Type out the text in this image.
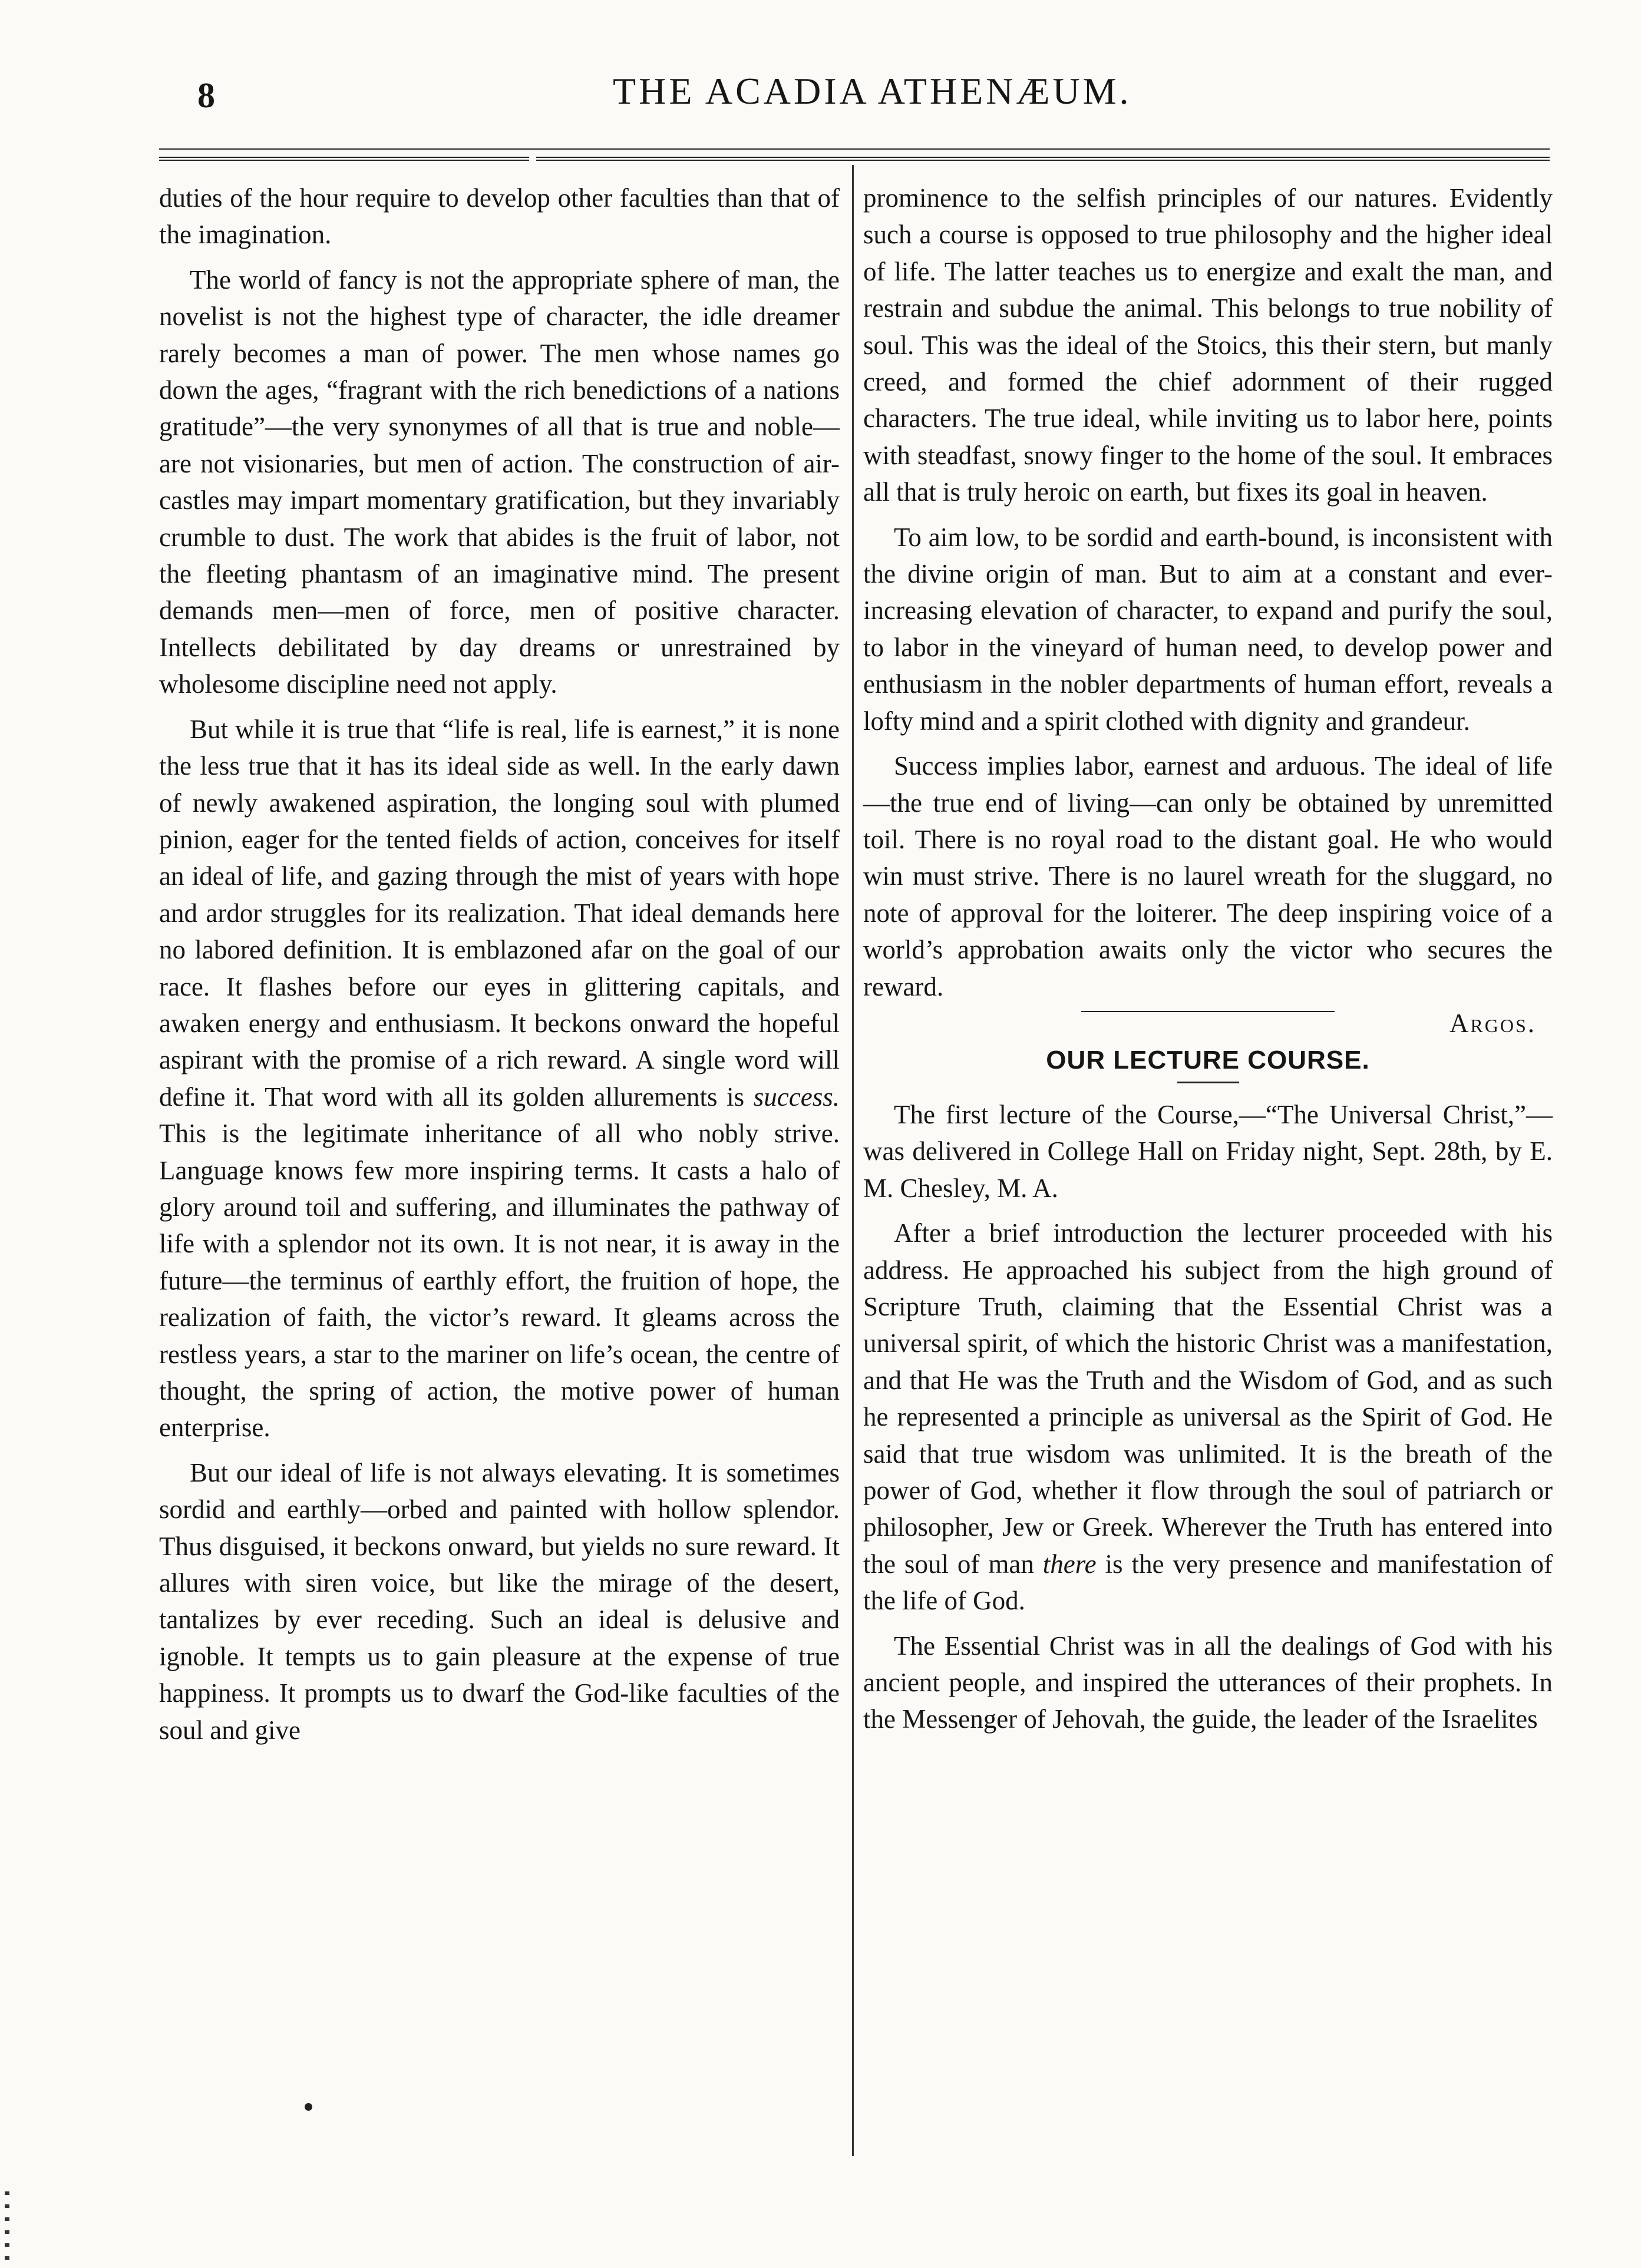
8	THE ACADIA ATHENÆUM.

duties of the hour require to develop other faculties than that of the imagination.

The world of fancy is not the appropriate sphere of man, the novelist is not the highest type of character, the idle dreamer rarely becomes a man of power. The men whose names go down the ages, “fragrant with the rich benedictions of a nations gratitude”—the very synonymes of all that is true and noble—are not visionaries, but men of action. The construction of air-castles may impart momentary gratification, but they invariably crumble to dust. The work that abides is the fruit of labor, not the fleeting phantasm of an imaginative mind. The present demands men—men of force, men of positive character. Intellects debilitated by day dreams or unrestrained by wholesome discipline need not apply.

But while it is true that “life is real, life is earnest,” it is none the less true that it has its ideal side as well. In the early dawn of newly awakened aspiration, the longing soul with plumed pinion, eager for the tented fields of action, conceives for itself an ideal of life, and gazing through the mist of years with hope and ardor struggles for its realization. That ideal demands here no labored definition. It is emblazoned afar on the goal of our race. It flashes before our eyes in glittering capitals, and awaken energy and enthusiasm. It beckons onward the hopeful aspirant with the promise of a rich reward. A single word will define it. That word with all its golden allurements is success. This is the legitimate inheritance of all who nobly strive. Language knows few more inspiring terms. It casts a halo of glory around toil and suffering, and illuminates the pathway of life with a splendor not its own. It is not near, it is away in the future—the terminus of earthly effort, the fruition of hope, the realization of faith, the victor’s reward. It gleams across the restless years, a star to the mariner on life’s ocean, the centre of thought, the spring of action, the motive power of human enterprise.

But our ideal of life is not always elevating. It is sometimes sordid and earthly—orbed and painted with hollow splendor. Thus disguised, it beckons onward, but yields no sure reward. It allures with siren voice, but like the mirage of the desert, tantalizes by ever receding. Such an ideal is delusive and ignoble. It tempts us to gain pleasure at the expense of true happiness. It prompts us to dwarf the God-like faculties of the soul and give

prominence to the selfish principles of our natures. Evidently such a course is opposed to true philosophy and the higher ideal of life. The latter teaches us to energize and exalt the man, and restrain and subdue the animal. This belongs to true nobility of soul. This was the ideal of the Stoics, this their stern, but manly creed, and formed the chief adornment of their rugged characters. The true ideal, while inviting us to labor here, points with steadfast, snowy finger to the home of the soul. It embraces all that is truly heroic on earth, but fixes its goal in heaven.

To aim low, to be sordid and earth-bound, is inconsistent with the divine origin of man. But to aim at a constant and ever-increasing elevation of character, to expand and purify the soul, to labor in the vineyard of human need, to develop power and enthusiasm in the nobler departments of human effort, reveals a lofty mind and a spirit clothed with dignity and grandeur.

Success implies labor, earnest and arduous. The ideal of life—the true end of living—can only be obtained by unremitted toil. There is no royal road to the distant goal. He who would win must strive. There is no laurel wreath for the sluggard, no note of approval for the loiterer. The deep inspiring voice of a world’s approbation awaits only the victor who secures the reward.

Argos.
OUR LECTURE COURSE.

The first lecture of the Course,—“The Universal Christ,”—was delivered in College Hall on Friday night, Sept. 28th, by E. M. Chesley, M. A.

After a brief introduction the lecturer proceeded with his address. He approached his subject from the high ground of Scripture Truth, claiming that the Essential Christ was a universal spirit, of which the historic Christ was a manifestation, and that He was the Truth and the Wisdom of God, and as such he represented a principle as universal as the Spirit of God. He said that true wisdom was unlimited. It is the breath of the power of God, whether it flow through the soul of patriarch or philosopher, Jew or Greek. Wherever the Truth has entered into the soul of man there is the very presence and manifestation of the life of God.

The Essential Christ was in all the dealings of God with his ancient people, and inspired the utterances of their prophets. In the Messenger of Jehovah, the guide, the leader of the Israelites
